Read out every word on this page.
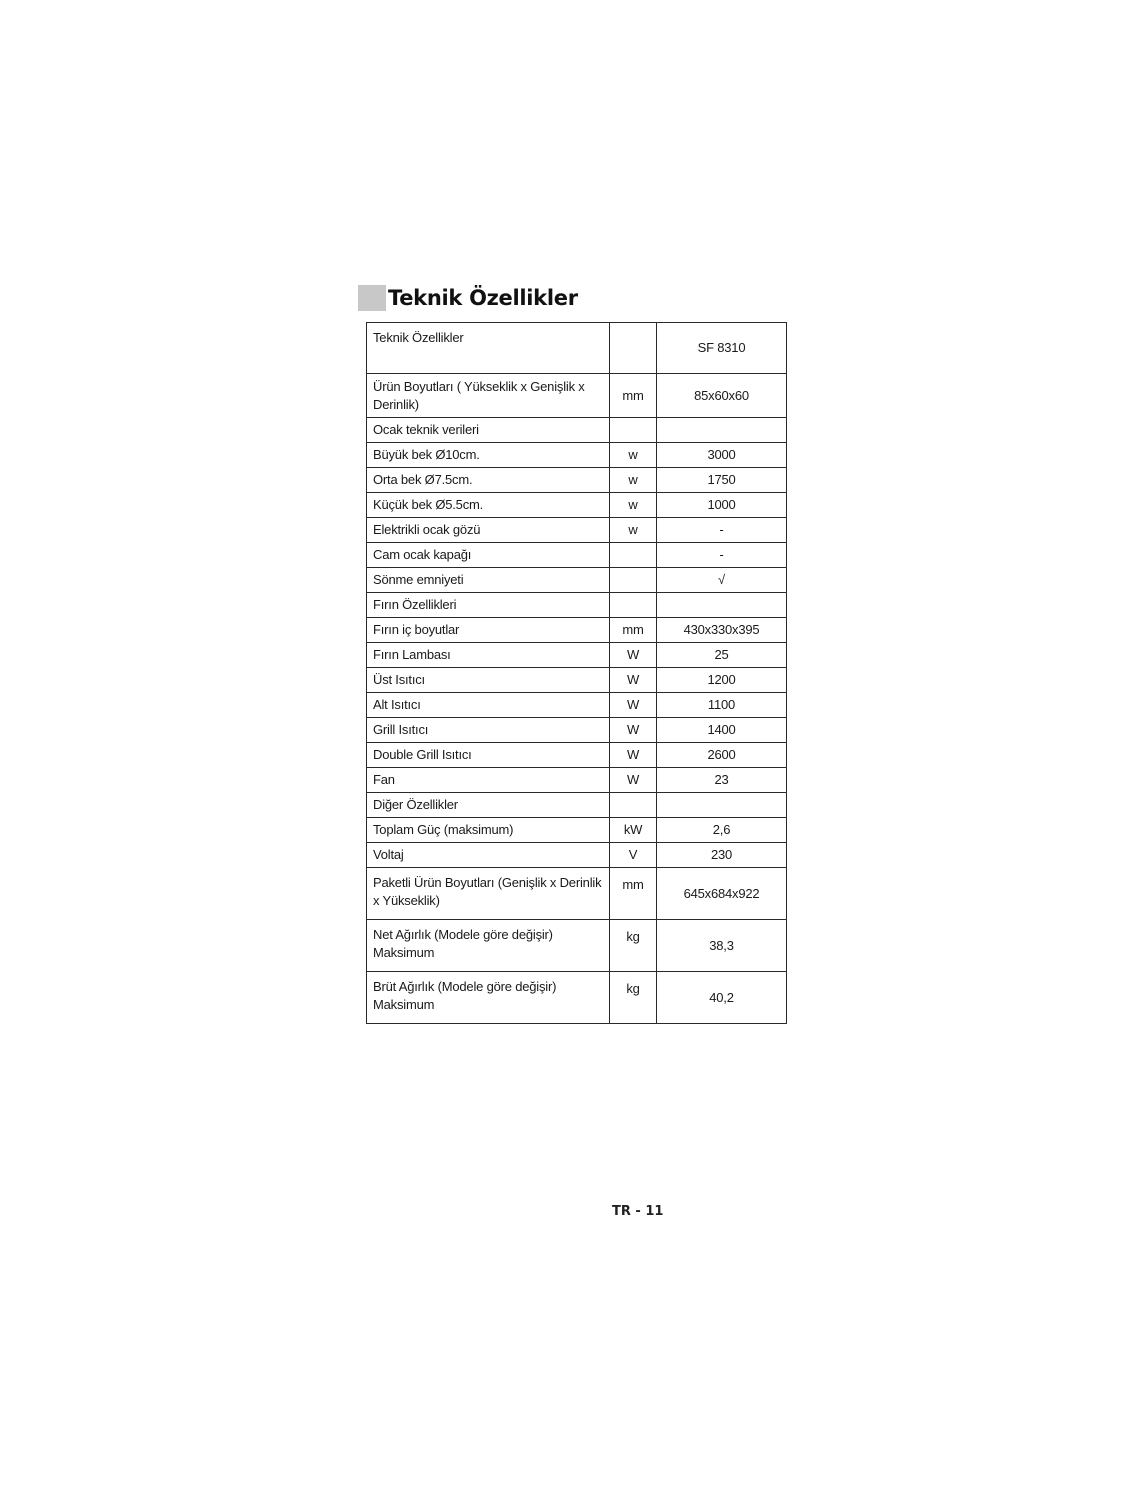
Teknik Özellikler
Teknik Özellikler		SF 8310
Ürün Boyutları ( Yükseklik x Genişlik x Derinlik)	mm	85x60x60
Ocak teknik verileri		
Büyük bek Ø10cm.	w	3000
Orta bek Ø7.5cm.	w	1750
Küçük bek Ø5.5cm.	w	1000
Elektrikli ocak gözü	w	-
Cam ocak kapağı		-
Sönme emniyeti		√
Fırın Özellikleri		
Fırın iç boyutlar	mm	430x330x395
Fırın Lambası	W	25
Üst Isıtıcı	W	1200
Alt Isıtıcı	W	1100
Grill Isıtıcı	W	1400
Double Grill Isıtıcı	W	2600
Fan	W	23
Diğer Özellikler		
Toplam Güç (maksimum)	kW	2,6
Voltaj	V	230
Paketli Ürün Boyutları (Genişlik x Derinlik x Yükseklik)	mm	645x684x922
Net Ağırlık (Modele göre değişir) Maksimum	kg	38,3
Brüt Ağırlık (Modele göre değişir) Maksimum	kg	40,2
TR - 11
